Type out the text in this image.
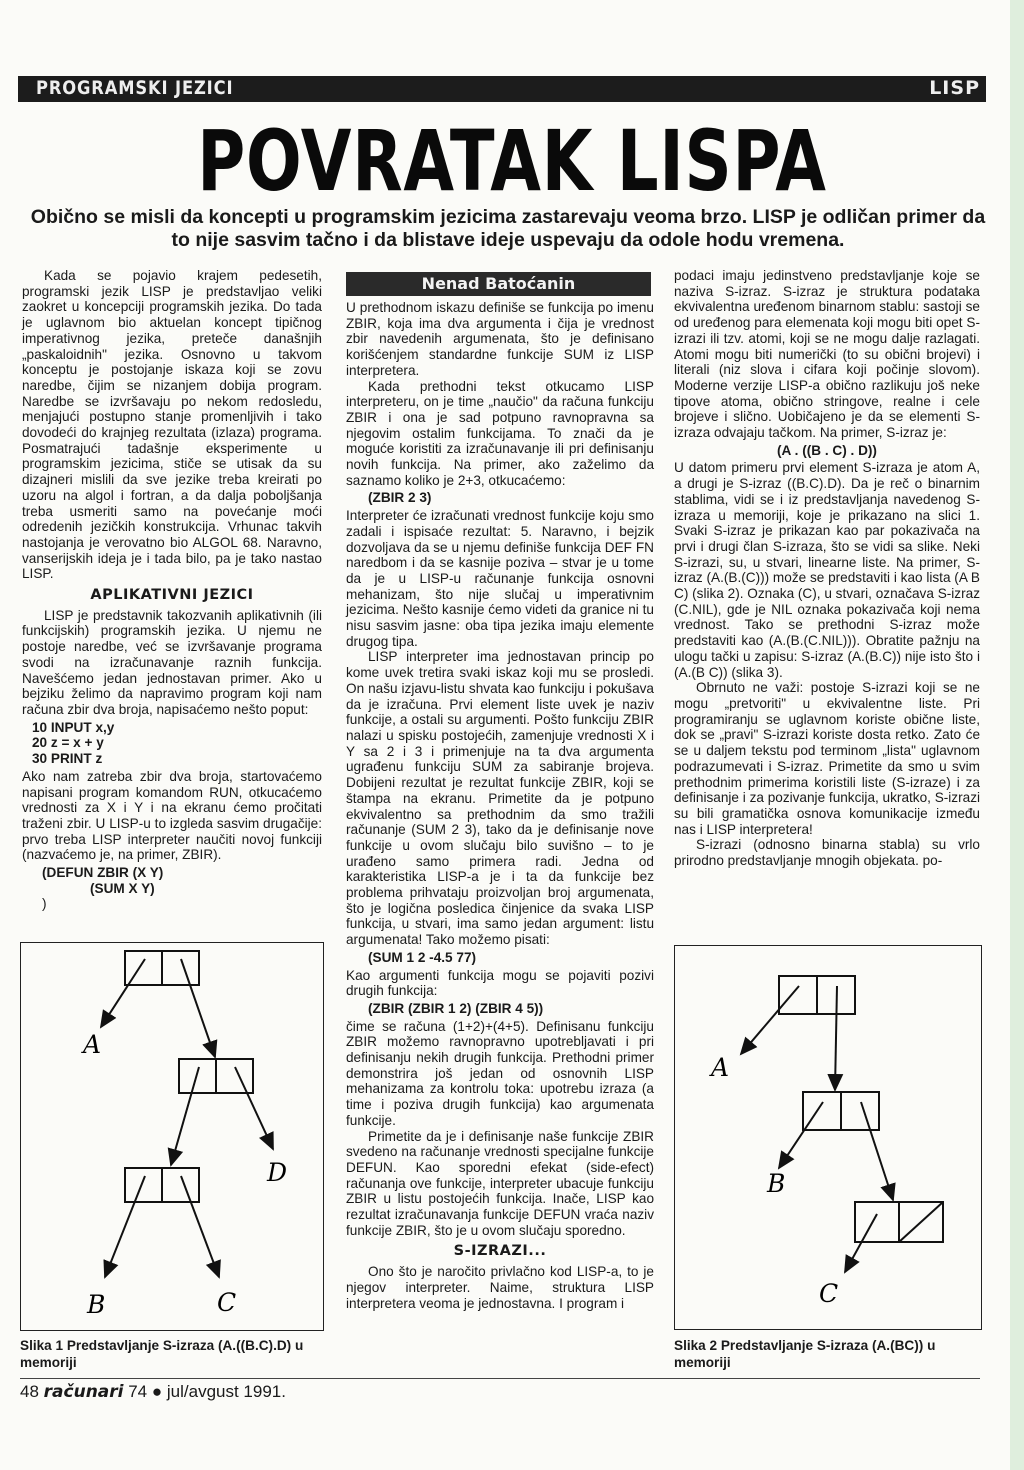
PROGRAMSKI JEZICI	LISP
POVRATAK LISPA
Obično se misli da koncepti u programskim jezicima zastarevaju veoma brzo. LISP je odličan primer da to nije sasvim tačno i da blistave ideje uspevaju da odole hodu vremena.

Kada se pojavio krajem pedesetih, programski jezik LISP je predstavljao veliki zaokret u koncepciji programskih jezika. Do tada je uglavnom bio aktuelan koncept tipičnog imperativnog jezika, preteče današnjih „paskaloidnih" jezika. Osnovno u takvom konceptu je postojanje iskaza koji se zovu naredbe, čijim se nizanjem dobija program. Naredbe se izvršavaju po nekom redosledu, menjajući postupno stanje promenljivih i tako dovodeći do krajnjeg rezultata (izlaza) programa. Posmatrajući tadašnje eksperimente u programskim jezicima, stiče se utisak da su dizajneri mislili da sve jezike treba kreirati po uzoru na algol i fortran, a da dalja poboljšanja treba usmeriti samo na povećanje moći odredenih jezičkih konstrukcija. Vrhunac takvih nastojanja je verovatno bio ALGOL 68. Naravno, vanserijskih ideja je i tada bilo, pa je tako nastao LISP.

APLIKATIVNI JEZICI

LISP je predstavnik takozvanih aplikativnih (ili funkcijskih) programskih jezika. U njemu ne postoje naredbe, već se izvršavanje programa svodi na izračunavanje raznih funkcija. Navešćemo jedan jednostavan primer. Ako u bejziku želimo da napravimo program koji nam računa zbir dva broja, napisaćemo nešto poput:

10 INPUT x,y
20 z = x + y
30 PRINT z

Ako nam zatreba zbir dva broja, startovaćemo napisani program komandom RUN, otkucaćemo vrednosti za X i Y i na ekranu ćemo pročitati traženi zbir. U LISP-u to izgleda sasvim drugačije: prvo treba LISP interpreter naučiti novoj funkciji (nazvaćemo je, na primer, ZBIR).

(DEFUN ZBIR (X Y)
(SUM X Y)
)
Nenad Batoćanin

U prethodnom iskazu definiše se funkcija po imenu ZBIR, koja ima dva argumenta i čija je vrednost zbir navedenih argumenata, što je definisano korišćenjem standardne funkcije SUM iz LISP interpretera.

Kada prethodni tekst otkucamo LISP interpreteru, on je time „naučio" da računa funkciju ZBIR i ona je sad potpuno ravnopravna sa njegovim ostalim funkcijama. To znači da je moguće koristiti za izračunavanje ili pri definisanju novih funkcija. Na primer, ako zaželimo da saznamo koliko je 2+3, otkucaćemo:

(ZBIR 2 3)

Interpreter će izračunati vrednost funkcije koju smo zadali i ispisaće rezultat: 5. Naravno, i bejzik dozvoljava da se u njemu definiše funkcija DEF FN naredbom i da se kasnije poziva – stvar je u tome da je u LISP-u računanje funkcija osnovni mehanizam, što nije slučaj u imperativnim jezicima. Nešto kasnije ćemo videti da granice ni tu nisu sasvim jasne: oba tipa jezika imaju elemente drugog tipa.

LISP interpreter ima jednostavan princip po kome uvek tretira svaki iskaz koji mu se prosledi. On našu izjavu-listu shvata kao funkciju i pokušava da je izračuna. Prvi element liste uvek je naziv funkcije, a ostali su argumenti. Pošto funkciju ZBIR nalazi u spisku postojećih, zamenjuje vrednosti X i Y sa 2 i 3 i primenjuje na ta dva argumenta ugrađenu funkciju SUM za sabiranje brojeva. Dobijeni rezultat je rezultat funkcije ZBIR, koji se štampa na ekranu. Primetite da je potpuno ekvivalentno sa prethodnim da smo tražili računanje (SUM 2 3), tako da je definisanje nove funkcije u ovom slučaju bilo suvišno – to je urađeno samo primera radi. Jedna od karakteristika LISP-a je i ta da funkcije bez problema prihvataju proizvoljan broj argumenata, što je logična posledica činjenice da svaka LISP funkcija, u stvari, ima samo jedan argument: listu argumenata! Tako možemo pisati:

(SUM 1 2 -4.5 77)

Kao argumenti funkcija mogu se pojaviti pozivi drugih funkcija:

(ZBIR (ZBIR 1 2) (ZBIR 4 5))

čime se računa (1+2)+(4+5). Definisanu funkciju ZBIR možemo ravnopravno upotrebljavati i pri definisanju nekih drugih funkcija. Prethodni primer demonstrira još jedan od osnovnih LISP mehanizama za kontrolu toka: upotrebu izraza (a time i poziva drugih funkcija) kao argumenata funkcije.

Primetite da je i definisanje naše funkcije ZBIR svedeno na računanje vrednosti specijalne funkcije DEFUN. Kao sporedni efekat (side-efect) računanja ove funkcije, interpreter ubacuje funkciju ZBIR u listu postojećih funkcija. Inače, LISP kao rezultat izračunavanja funkcije DEFUN vraća naziv funkcije ZBIR, što je u ovom slučaju sporedno.

S-IZRAZI...

Ono što je naročito privlačno kod LISP-a, to je njegov interpreter. Naime, struktura LISP interpretera veoma je jednostavna. I program i

podaci imaju jedinstveno predstavljanje koje se naziva S-izraz. S-izraz je struktura podataka ekvivalentna uređenom binarnom stablu: sastoji se od uređenog para elemenata koji mogu biti opet S-izrazi ili tzv. atomi, koji se ne mogu dalje razlagati. Atomi mogu biti numerički (to su obični brojevi) i literali (niz slova i cifara koji počinje slovom). Moderne verzije LISP-a obično razlikuju još neke tipove atoma, obično stringove, realne i cele brojeve i slično. Uobičajeno je da se elementi S-izraza odvajaju tačkom. Na primer, S-izraz je:

(A . ((B . C) . D))

U datom primeru prvi element S-izraza je atom A, a drugi je S-izraz ((B.C).D). Da je reč o binarnim stablima, vidi se i iz predstavljanja navedenog S-izraza u memoriji, koje je prikazano na slici 1. Svaki S-izraz je prikazan kao par pokazivača na prvi i drugi član S-izraza, što se vidi sa slike. Neki S-izrazi, su, u stvari, linearne liste. Na primer, S-izraz (A.(B.(C))) može se predstaviti i kao lista (A B C) (slika 2). Oznaka (C), u stvari, označava S-izraz (C.NIL), gde je NIL oznaka pokazivača koji nema vrednost. Tako se prethodni S-izraz može predstaviti kao (A.(B.(C.NIL))). Obratite pažnju na ulogu tački u zapisu: S-izraz (A.(B.C)) nije isto što i (A.(B C)) (slika 3).

Obrnuto ne važi: postoje S-izrazi koji se ne mogu „pretvoriti" u ekvivalentne liste. Pri programiranju se uglavnom koriste obične liste, dok se „pravi" S-izrazi koriste dosta retko. Zato će se u daljem tekstu pod terminom „lista" uglavnom podrazumevati i S-izraz. Primetite da smo u svim prethodnim primerima koristili liste (S-izraze) i za definisanje i za pozivanje funkcija, ukratko, S-izrazi su bili gramatička osnova komunikacije između nas i LISP interpretera!

S-izrazi (odnosno binarna stabla) su vrlo prirodno predstavljanje mnogih objekata. po-

A
D
B	C
Slika 1 Predstavljanje S-izraza (A.((B.C).D) u memoriji
A
B
C
Slika 2 Predstavljanje S-izraza (A.(BC)) u memoriji
48 računari 74 ● jul/avgust 1991.
